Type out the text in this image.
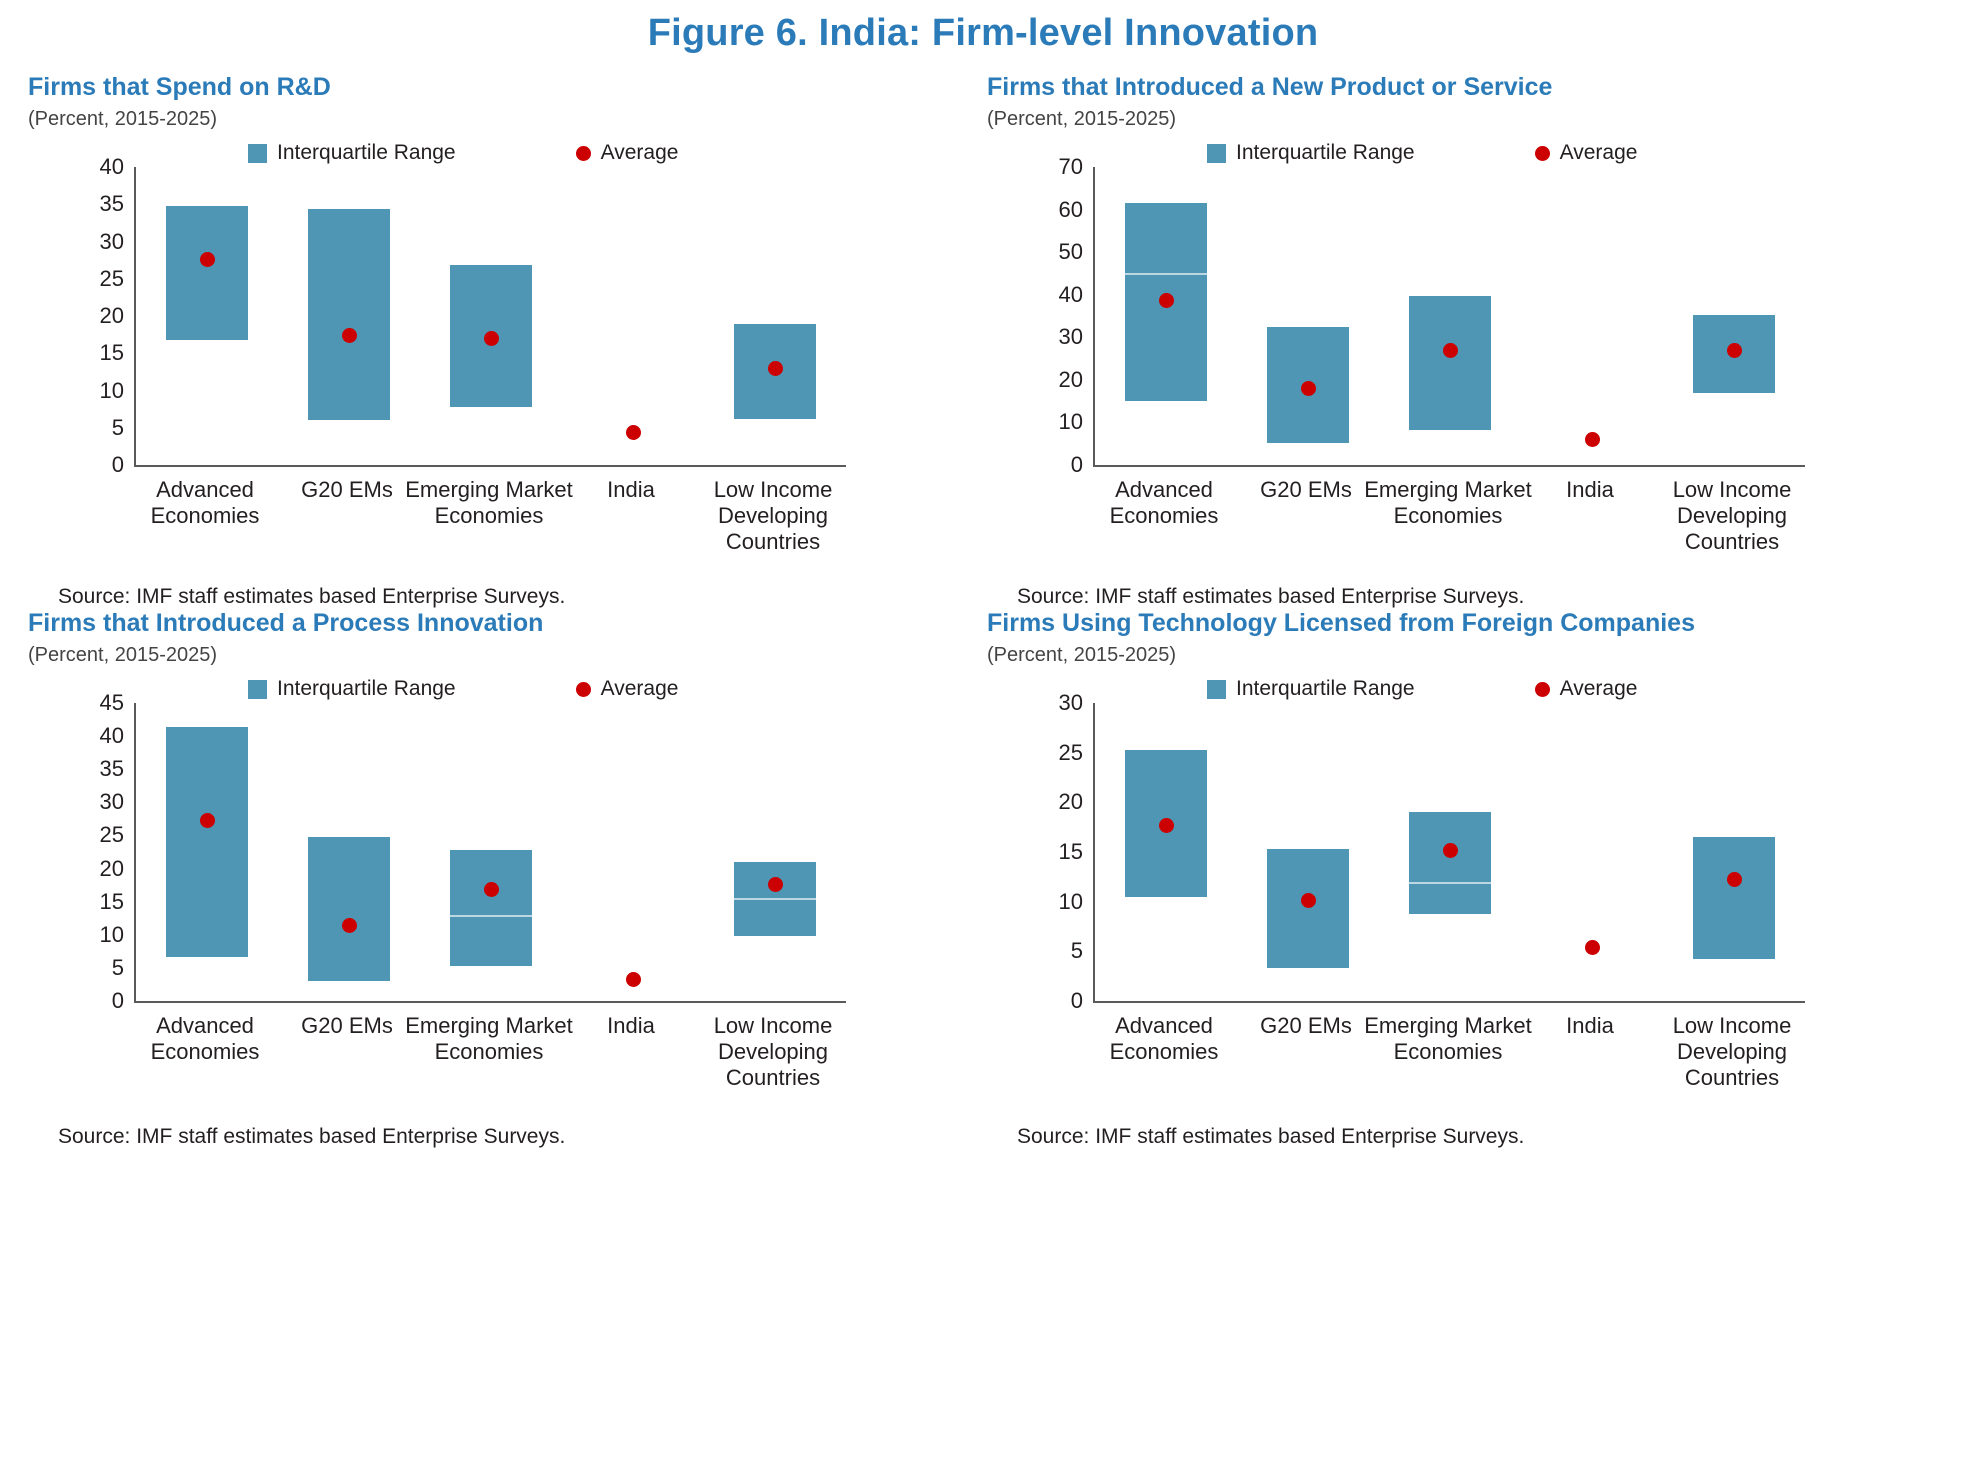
Figure 6. India: Firm-level Innovation
Firms that Spend on R&D
(Percent, 2015-2025)
Interquartile Range	Average
0
5
10
15
20
25
30
35
40
Advanced Economies
G20 EMs Emerging Market Economies
India	Low Income Developing Countries
Source: IMF staff estimates based Enterprise Surveys.
Firms that Introduced a New Product or Service
(Percent, 2015-2025)
Interquartile Range	Average
0
10
20
30
40
50
60
70
Advanced Economies
G20 EMs Emerging Market Economies
India	Low Income Developing Countries
Source: IMF staff estimates based Enterprise Surveys.
Firms that Introduced a Process Innovation
(Percent, 2015-2025)
Interquartile Range	Average
0
5
10
15
20
25
30
35
40
45
Advanced Economies
G20 EMs Emerging Market Economies
India	Low Income Developing Countries
Source: IMF staff estimates based Enterprise Surveys.
Firms Using Technology Licensed from Foreign Companies
(Percent, 2015-2025)
Interquartile Range	Average
0
5
10
15
20
25
30
Advanced Economies
G20 EMs Emerging Market Economies
India	Low Income Developing Countries
Source: IMF staff estimates based Enterprise Surveys.
